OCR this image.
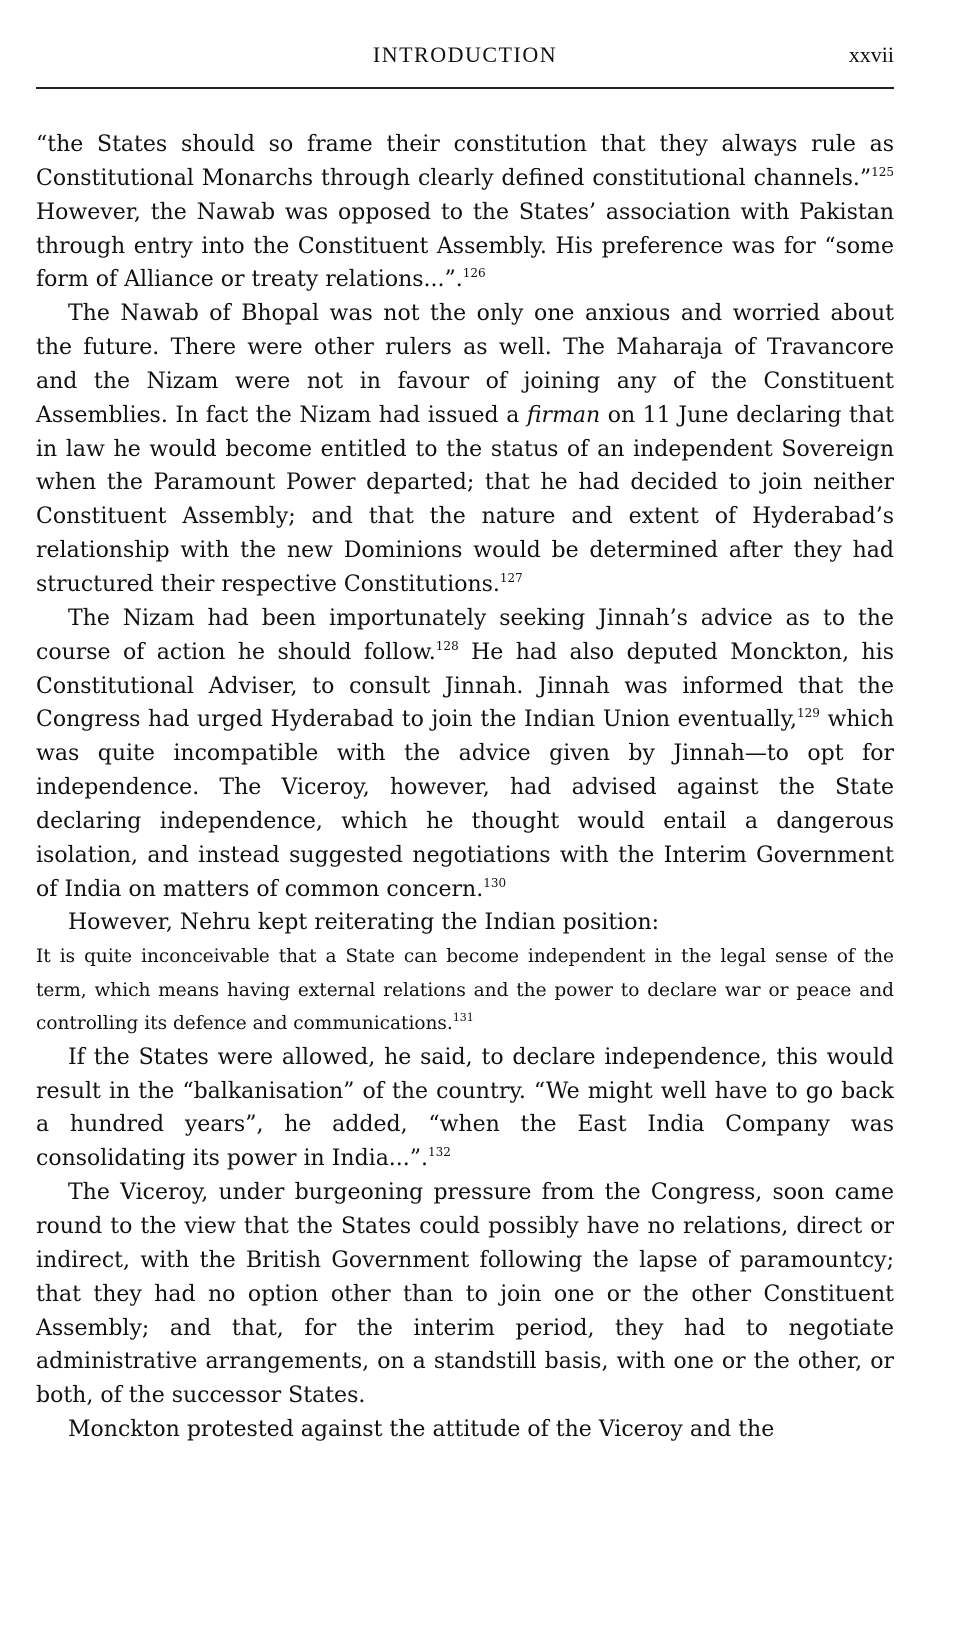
INTRODUCTION	xxvii

“the States should so frame their constitution that they always rule as Constitutional Monarchs through clearly defined constitutional channels.”$^{125}$ However, the Nawab was opposed to the States’ association with Pakistan through entry into the Constituent Assembly. His preference was for “some form of Alliance or treaty relations...”.$^{126}$

The Nawab of Bhopal was not the only one anxious and worried about the future. There were other rulers as well. The Maharaja of Travancore and the Nizam were not in favour of joining any of the Constituent Assemblies. In fact the Nizam had issued a firman on 11 June declaring that in law he would become entitled to the status of an independent Sovereign when the Paramount Power departed; that he had decided to join neither Constituent Assembly; and that the nature and extent of Hyderabad’s relationship with the new Dominions would be determined after they had structured their respective Constitutions.$^{127}$

The Nizam had been importunately seeking Jinnah’s advice as to the course of action he should follow.$^{128}$ He had also deputed Monckton, his Constitutional Adviser, to consult Jinnah. Jinnah was informed that the Congress had urged Hyderabad to join the Indian Union eventually,$^{129}$ which was quite incompatible with the advice given by Jinnah—to opt for independence. The Viceroy, however, had advised against the State declaring independence, which he thought would entail a dangerous isolation, and instead suggested negotiations with the Interim Government of India on matters of common concern.$^{130}$

However, Nehru kept reiterating the Indian position:

It is quite inconceivable that a State can become independent in the legal sense of the term, which means having external relations and the power to declare war or peace and controlling its defence and communications.$^{131}$

If the States were allowed, he said, to declare independence, this would result in the “balkanisation” of the country. “We might well have to go back a hundred years”, he added, “when the East India Company was consolidating its power in India...”.$^{132}$

The Viceroy, under burgeoning pressure from the Congress, soon came round to the view that the States could possibly have no relations, direct or indirect, with the British Government following the lapse of paramountcy; that they had no option other than to join one or the other Constituent Assembly; and that, for the interim period, they had to negotiate administrative arrangements, on a standstill basis, with one or the other, or both, of the successor States.

Monckton protested against the attitude of the Viceroy and the
